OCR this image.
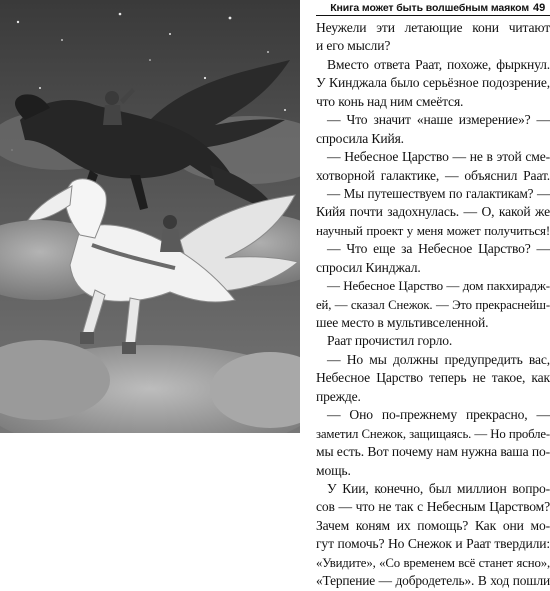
Книга может быть волшебным маяком 49
Неужели эти летающие кони читают
и его мысли?
Вместо ответа Раат, похоже, фыркнул.
У Кинджала было серьёзное подозрение,
что конь над ним смеётся.
— Что значит «наше измерение»? —
спросила Кийя.
— Небесное Царство — не в этой сме-
хотворной галактике, — объяснил Раат.
— Мы путешествуем по галактикам? —
Кийя почти задохнулась. — О, какой же
научный проект у меня может получиться!
— Что еще за Небесное Царство? —
спросил Кинджал.
— Небесное Царство — дом пакхирадж-
ей, — сказал Снежок. — Это прекраснейш-
шее место в мультивселенной.
Раат прочистил горло.
— Но мы должны предупредить вас,
Небесное Царство теперь не такое, как
прежде.
— Оно по-прежнему прекрасно, —
заметил Снежок, защищаясь. — Но пробле-
мы есть. Вот почему нам нужна ваша по-
мощь.
У Кии, конечно, был миллион вопро-
сов — что не так с Небесным Царством?
Зачем коням их помощь? Как они мо-
гут помочь? Но Снежок и Раат твердили:
«Увидите», «Со временем всё станет ясно»,
«Терпение — добродетель». В ход пошли
